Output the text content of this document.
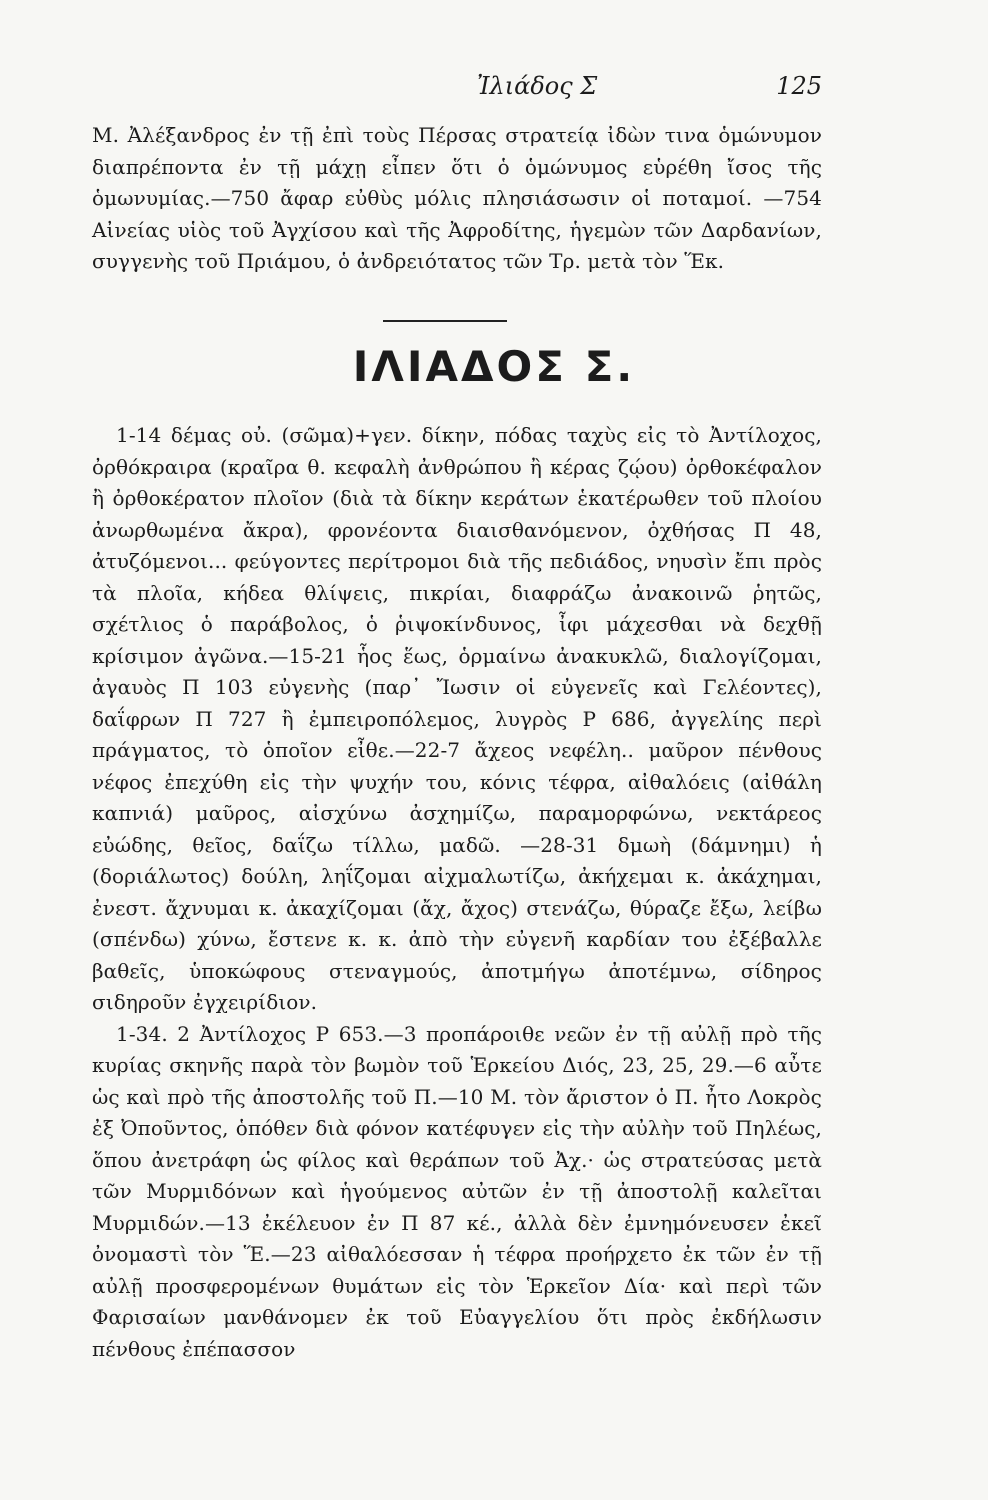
Ἰλιάδος Σ	125

Μ. Ἀλέξανδρος ἐν τῇ ἐπὶ τοὺς Πέρσας στρατείᾳ ἰδὼν τινα ὁμώνυμον διαπρέποντα ἐν τῇ μάχῃ εἶπεν ὅτι ὁ ὁμώνυμος εὑρέθη ἴσος τῆς ὁμωνυμίας.—750 ἄφαρ εὐθὺς μόλις πλησιάσωσιν οἱ ποταμοί. —754 Αἰνείας υἱὸς τοῦ Ἀγχίσου καὶ τῆς Ἀφροδίτης, ἡγεμὼν τῶν Δαρδανίων, συγγενὴς τοῦ Πριάμου, ὁ ἀνδρειότατος τῶν Τρ. μετὰ τὸν Ἕκ.

ΙΛΙΑΔΟΣ Σ.

1-14 δέμας οὐ. (σῶμα)+γεν. δίκην, πόδας ταχὺς εἰς τὸ Ἀντίλοχος, ὀρθόκραιρα (κραῖρα θ. κεφαλὴ ἀνθρώπου ἢ κέρας ζῴου) ὀρθοκέφαλον ἢ ὀρθοκέρατον πλοῖον (διὰ τὰ δίκην κεράτων ἑκατέρωθεν τοῦ πλοίου ἀνωρθωμένα ἄκρα), φρονέοντα διαισθανόμενον, ὀχθήσας Π 48, ἀτυζόμενοι... φεύγοντες περίτρομοι διὰ τῆς πεδιάδος, νηυσὶν ἔπι πρὸς τὰ πλοῖα, κήδεα θλίψεις, πικρίαι, διαφράζω ἀνακοινῶ ῥητῶς, σχέτλιος ὁ παράβολος, ὁ ῥιψοκίνδυνος, ἶφι μάχεσθαι νὰ δεχθῇ κρίσιμον ἀγῶνα.—15-21 ἧος ἕως, ὁρμαίνω ἀνακυκλῶ, διαλογίζομαι, ἀγαυὸς Π 103 εὐγενὴς (παρ᾽ Ἴωσιν οἱ εὐγενεῖς καὶ Γελέοντες), δαΐφρων Π 727 ἢ ἐμπειροπόλεμος, λυγρὸς Ρ 686, ἀγγελίης περὶ πράγματος, τὸ ὁποῖον εἶθε.—22-7 ἄχεος νεφέλη.. μαῦρον πένθους νέφος ἐπεχύθη εἰς τὴν ψυχήν του, κόνις τέφρα, αἰθαλόεις (αἰθάλη καπνιά) μαῦρος, αἰσχύνω ἀσχημίζω, παραμορφώνω, νεκτάρεος εὐώδης, θεῖος, δαΐζω τίλλω, μαδῶ. —28-31 δμωὴ (δάμνημι) ἡ (δοριάλωτος) δούλη, ληΐζομαι αἰχμαλωτίζω, ἀκήχεμαι κ. ἀκάχημαι, ἐνεστ. ἄχνυμαι κ. ἀκαχίζομαι (ἄχ, ἄχος) στενάζω, θύραζε ἔξω, λείβω (σπένδω) χύνω, ἔστενε κ. κ. ἀπὸ τὴν εὐγενῆ καρδίαν του ἐξέβαλλε βαθεῖς, ὑποκώφους στεναγμούς, ἀποτμήγω ἀποτέμνω, σίδηρος σιδηροῦν ἐγχειρίδιον.

1-34. 2 Ἀντίλοχος Ρ 653.—3 προπάροιθε νεῶν ἐν τῇ αὐλῇ πρὸ τῆς κυρίας σκηνῆς παρὰ τὸν βωμὸν τοῦ Ἑρκείου Διός, 23, 25, 29.—6 αὖτε ὡς καὶ πρὸ τῆς ἀποστολῆς τοῦ Π.—10 Μ. τὸν ἄριστον ὁ Π. ἦτο Λοκρὸς ἐξ Ὀποῦντος, ὁπόθεν διὰ φόνον κατέφυγεν εἰς τὴν αὐλὴν τοῦ Πηλέως, ὅπου ἀνετράφη ὡς φίλος καὶ θεράπων τοῦ Ἀχ.· ὡς στρατεύσας μετὰ τῶν Μυρμιδόνων καὶ ἡγούμενος αὐτῶν ἐν τῇ ἀποστολῇ καλεῖται Μυρμιδών.—13 ἐκέλευον ἐν Π 87 κέ., ἀλλὰ δὲν ἐμνημόνευσεν ἐκεῖ ὀνομαστὶ τὸν Ἕ.—23 αἰθαλόεσσαν ἡ τέφρα προήρχετο ἐκ τῶν ἐν τῇ αὐλῇ προσφερομένων θυμάτων εἰς τὸν Ἑρκεῖον Δία· καὶ περὶ τῶν Φαρισαίων μανθάνομεν ἐκ τοῦ Εὐαγγελίου ὅτι πρὸς ἐκδήλωσιν πένθους ἐπέπασσον
